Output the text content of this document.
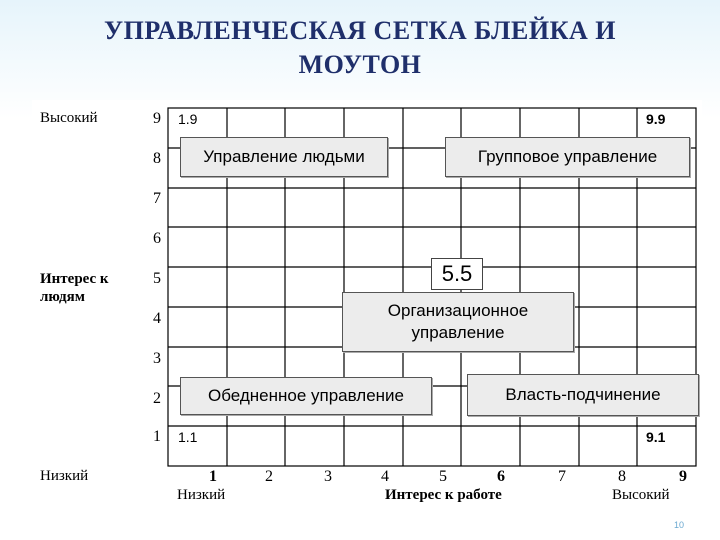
УПРАВЛЕНЧЕСКАЯ СЕТКА БЛЕЙКА И
МОУТОН
Высокий
Интерес к
людям
Низкий
9
8
7
6
5
4
3
2
1
1.9	9.9
1.1	9.1
Управление людьми	Групповое управление
5.5
Организационное
управление
Обедненное управление	Власть-подчинение
1	2	3	4	5	6	7	8	9
Низкий	Интерес к работе	Высокий
10
